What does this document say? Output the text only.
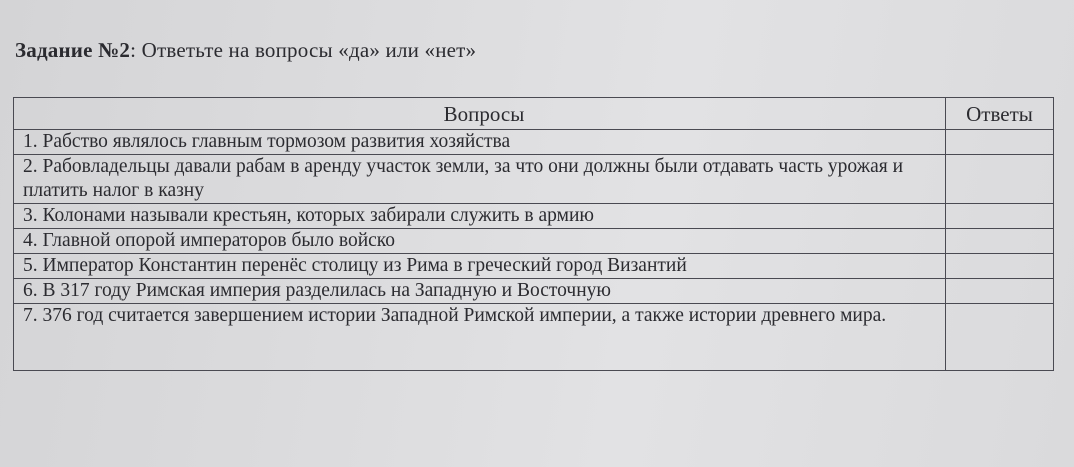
Задание №2: Ответьте на вопросы «да» или «нет»
Вопросы	Ответы
1. Рабство являлось главным тормозом развития хозяйства	
2. Рабовладельцы давали рабам в аренду участок земли, за что они должны были отдавать часть урожая и платить налог в казну	
3. Колонами называли крестьян, которых забирали служить в армию	
4. Главной опорой императоров было войско	
5. Император Константин перенёс столицу из Рима в греческий город Византий	
6. В 317 году Римская империя разделилась на Западную и Восточную	
7. 376 год считается завершением истории Западной Римской империи, а также истории древнего мира.	
